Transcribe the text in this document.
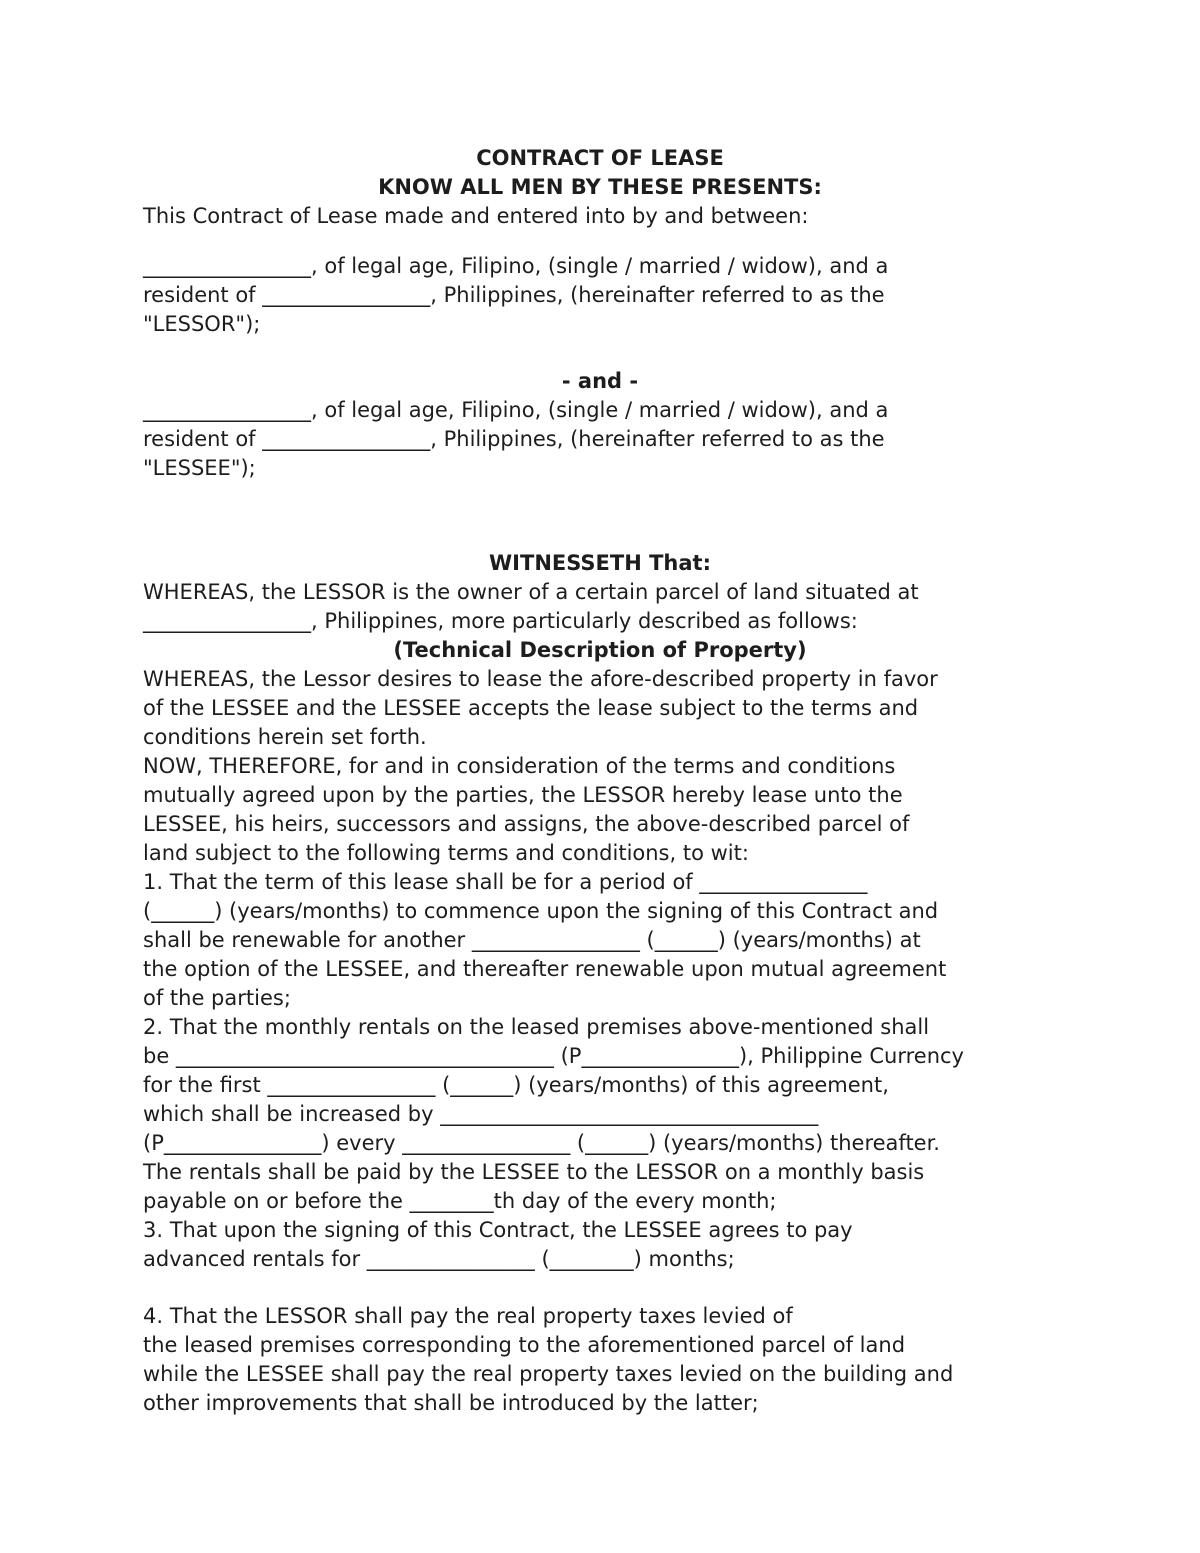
CONTRACT OF LEASE
KNOW ALL MEN BY THESE PRESENTS:
This Contract of Lease made and entered into by and between:
________________, of legal age, Filipino, (single / married / widow), and a
resident of ________________, Philippines, (hereinafter referred to as the
"LESSOR");
- and -
________________, of legal age, Filipino, (single / married / widow), and a
resident of ________________, Philippines, (hereinafter referred to as the
"LESSEE");
WITNESSETH That:
WHEREAS, the LESSOR is the owner of a certain parcel of land situated at
________________, Philippines, more particularly described as follows:
(Technical Description of Property)
WHEREAS, the Lessor desires to lease the afore-described property in favor
of the LESSEE and the LESSEE accepts the lease subject to the terms and
conditions herein set forth.
NOW, THEREFORE, for and in consideration of the terms and conditions
mutually agreed upon by the parties, the LESSOR hereby lease unto the
LESSEE, his heirs, successors and assigns, the above-described parcel of
land subject to the following terms and conditions, to wit:
1. That the term of this lease shall be for a period of ________________
(______) (years/months) to commence upon the signing of this Contract and
shall be renewable for another ________________ (______) (years/months) at
the option of the LESSEE, and thereafter renewable upon mutual agreement
of the parties;
2. That the monthly rentals on the leased premises above-mentioned shall
be ____________________________________ (P_______________), Philippine Currency
for the first ________________ (______) (years/months) of this agreement,
which shall be increased by ____________________________________
(P_______________) every ________________ (______) (years/months) thereafter.
The rentals shall be paid by the LESSEE to the LESSOR on a monthly basis
payable on or before the ________th day of the every month;
3. That upon the signing of this Contract, the LESSEE agrees to pay
advanced rentals for ________________ (________) months;
4. That the LESSOR shall pay the real property taxes levied of
the leased premises corresponding to the aforementioned parcel of land
while the LESSEE shall pay the real property taxes levied on the building and
other improvements that shall be introduced by the latter;
